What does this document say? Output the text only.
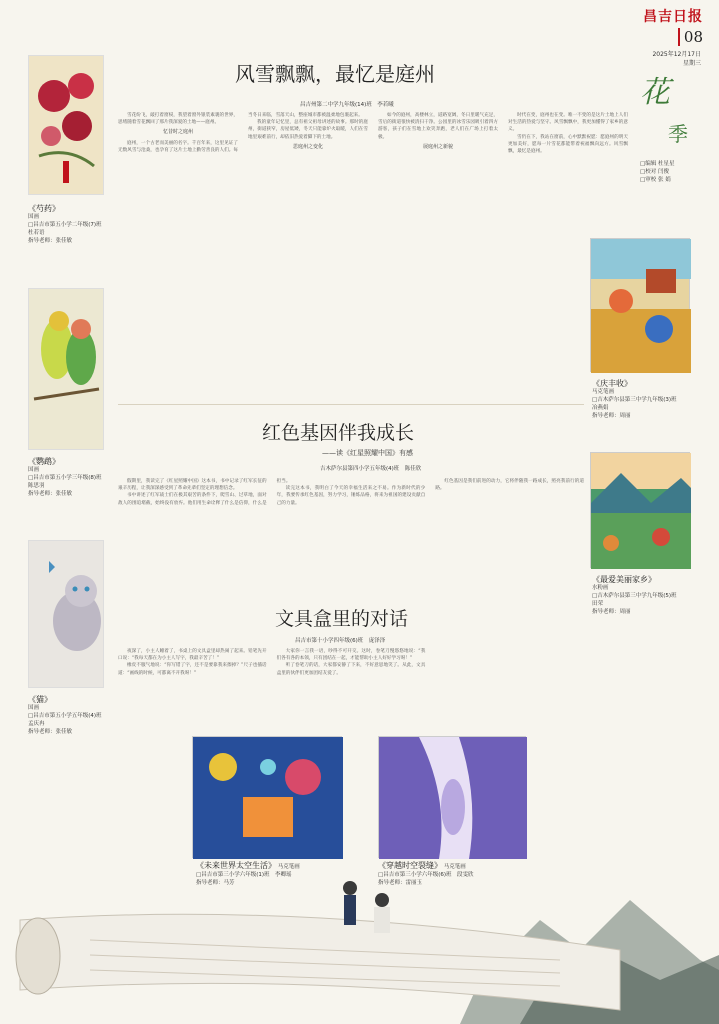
昌吉日报
08
2025年12月17日
星期三
花
季
□编辑 杜星星
□校对 闫俊
□审校 张 娟
《芍药》
国画
□昌吉市第五小学二年级(7)班
杜若语
指导老师：张佳敏
《鹦鹉》
国画
□昌吉市第五小学三年级(8)班
陈思羽
指导老师：张佳敏
《猫》
国画
□昌吉市第五小学五年级(4)班
孟庆冉
指导老师：张佳敏
风雪飘飘，最忆是庭州
昌吉州第二中学九年级(14)班　李若曦
雪花纷飞，敲打着窗棂，我望着窗外银装素裹的世界，思绪随着雪花飘回了那片我深爱的土地——庭州。
忆昔时之庭州
庭州，一个古老而美丽的名字。千百年来，这里见证了无数风雪与沧桑，也孕育了这片土地上勤劳善良的人们。每当冬日来临，雪落天山，整座城市都被温柔地包裹起来。
我的童年记忆里，总有祖父祖母讲述的故事。那时的庭州，街道狭窄，房屋低矮，冬天只能靠炉火取暖，人们在雪地里艰难前行，却依旧热爱着脚下的土地。
思庭州之变化
如今的庭州，高楼林立，道路宽阔，冬日里暖气充足，雪后的街道很快被清扫干净。公园里的冰雪乐园吸引着四方游客，孩子们在雪地上欢笑奔跑，老人们在广场上打着太极。
展庭州之新貌
时代在变，庭州也在变。唯一不变的是这片土地上人们对生活的热爱与坚守。风雪飘飘中，我更加懂得了家乡的意义。
雪仍在下，我站在窗前，心中默默祝愿：愿庭州的明天更加美好，愿每一片雪花都能带着祝福飘向远方。风雪飘飘，最忆是庭州。
《庆丰收》
马克笔画
□吉木萨尔县第三中学九年级(3)班
冶燕娟
指导老师：周丽
《最爱美丽家乡》
水粉画
□吉木萨尔县第三中学九年级(5)班
田荣
指导老师：周丽
红色基因伴我成长
——读《红星照耀中国》有感
吉木萨尔县第四小学五年级(4)班　陈佳欣
假期里，我读完了《红星照耀中国》这本书，书中记录了红军长征的艰辛历程，让我深深感受到了革命先辈们坚定的理想信念。
书中讲述了红军战士们在极其艰苦的条件下，爬雪山、过草地，面对敌人的围追堵截，始终没有放弃。他们用生命诠释了什么是信仰，什么是担当。
读完这本书，我明白了今天的幸福生活来之不易。作为新时代的少年，我要传承红色基因，努力学习，锤炼品格，将来为祖国的建设贡献自己的力量。
红色基因是我们前进的动力，它将伴随我一路成长，照亮我前行的道路。
文具盒里的对话
昌吉市第十小学四年级(6)班　庞泽泽
夜深了，小主人睡着了，书桌上的文具盒里却热闹了起来。铅笔先开口说：“我每天都在为小主人写字，我最辛苦了！”
橡皮不服气地说：“你写错了字，还不是要靠我来擦掉？”尺子也插话道：“画线的时候，可都离不开我呀！”
大家你一言我一语，吵得不可开交。这时，卷笔刀慢悠悠地说：“我们各有各的本领，只有团结在一起，才能帮助小主人好好学习呀！”
听了卷笔刀的话，大家都安静了下来，不好意思地笑了。从此，文具盒里的伙伴们更加团结友爱了。
《未来世界太空生活》 马克笔画
□昌吉市第三小学六年级(1)班　李卿瑶
指导老师：马芳
《穿越时空裂缝》 马克笔画
□昌吉市第三小学六年级(6)班　段雯欣
指导老师：雷丽玉
